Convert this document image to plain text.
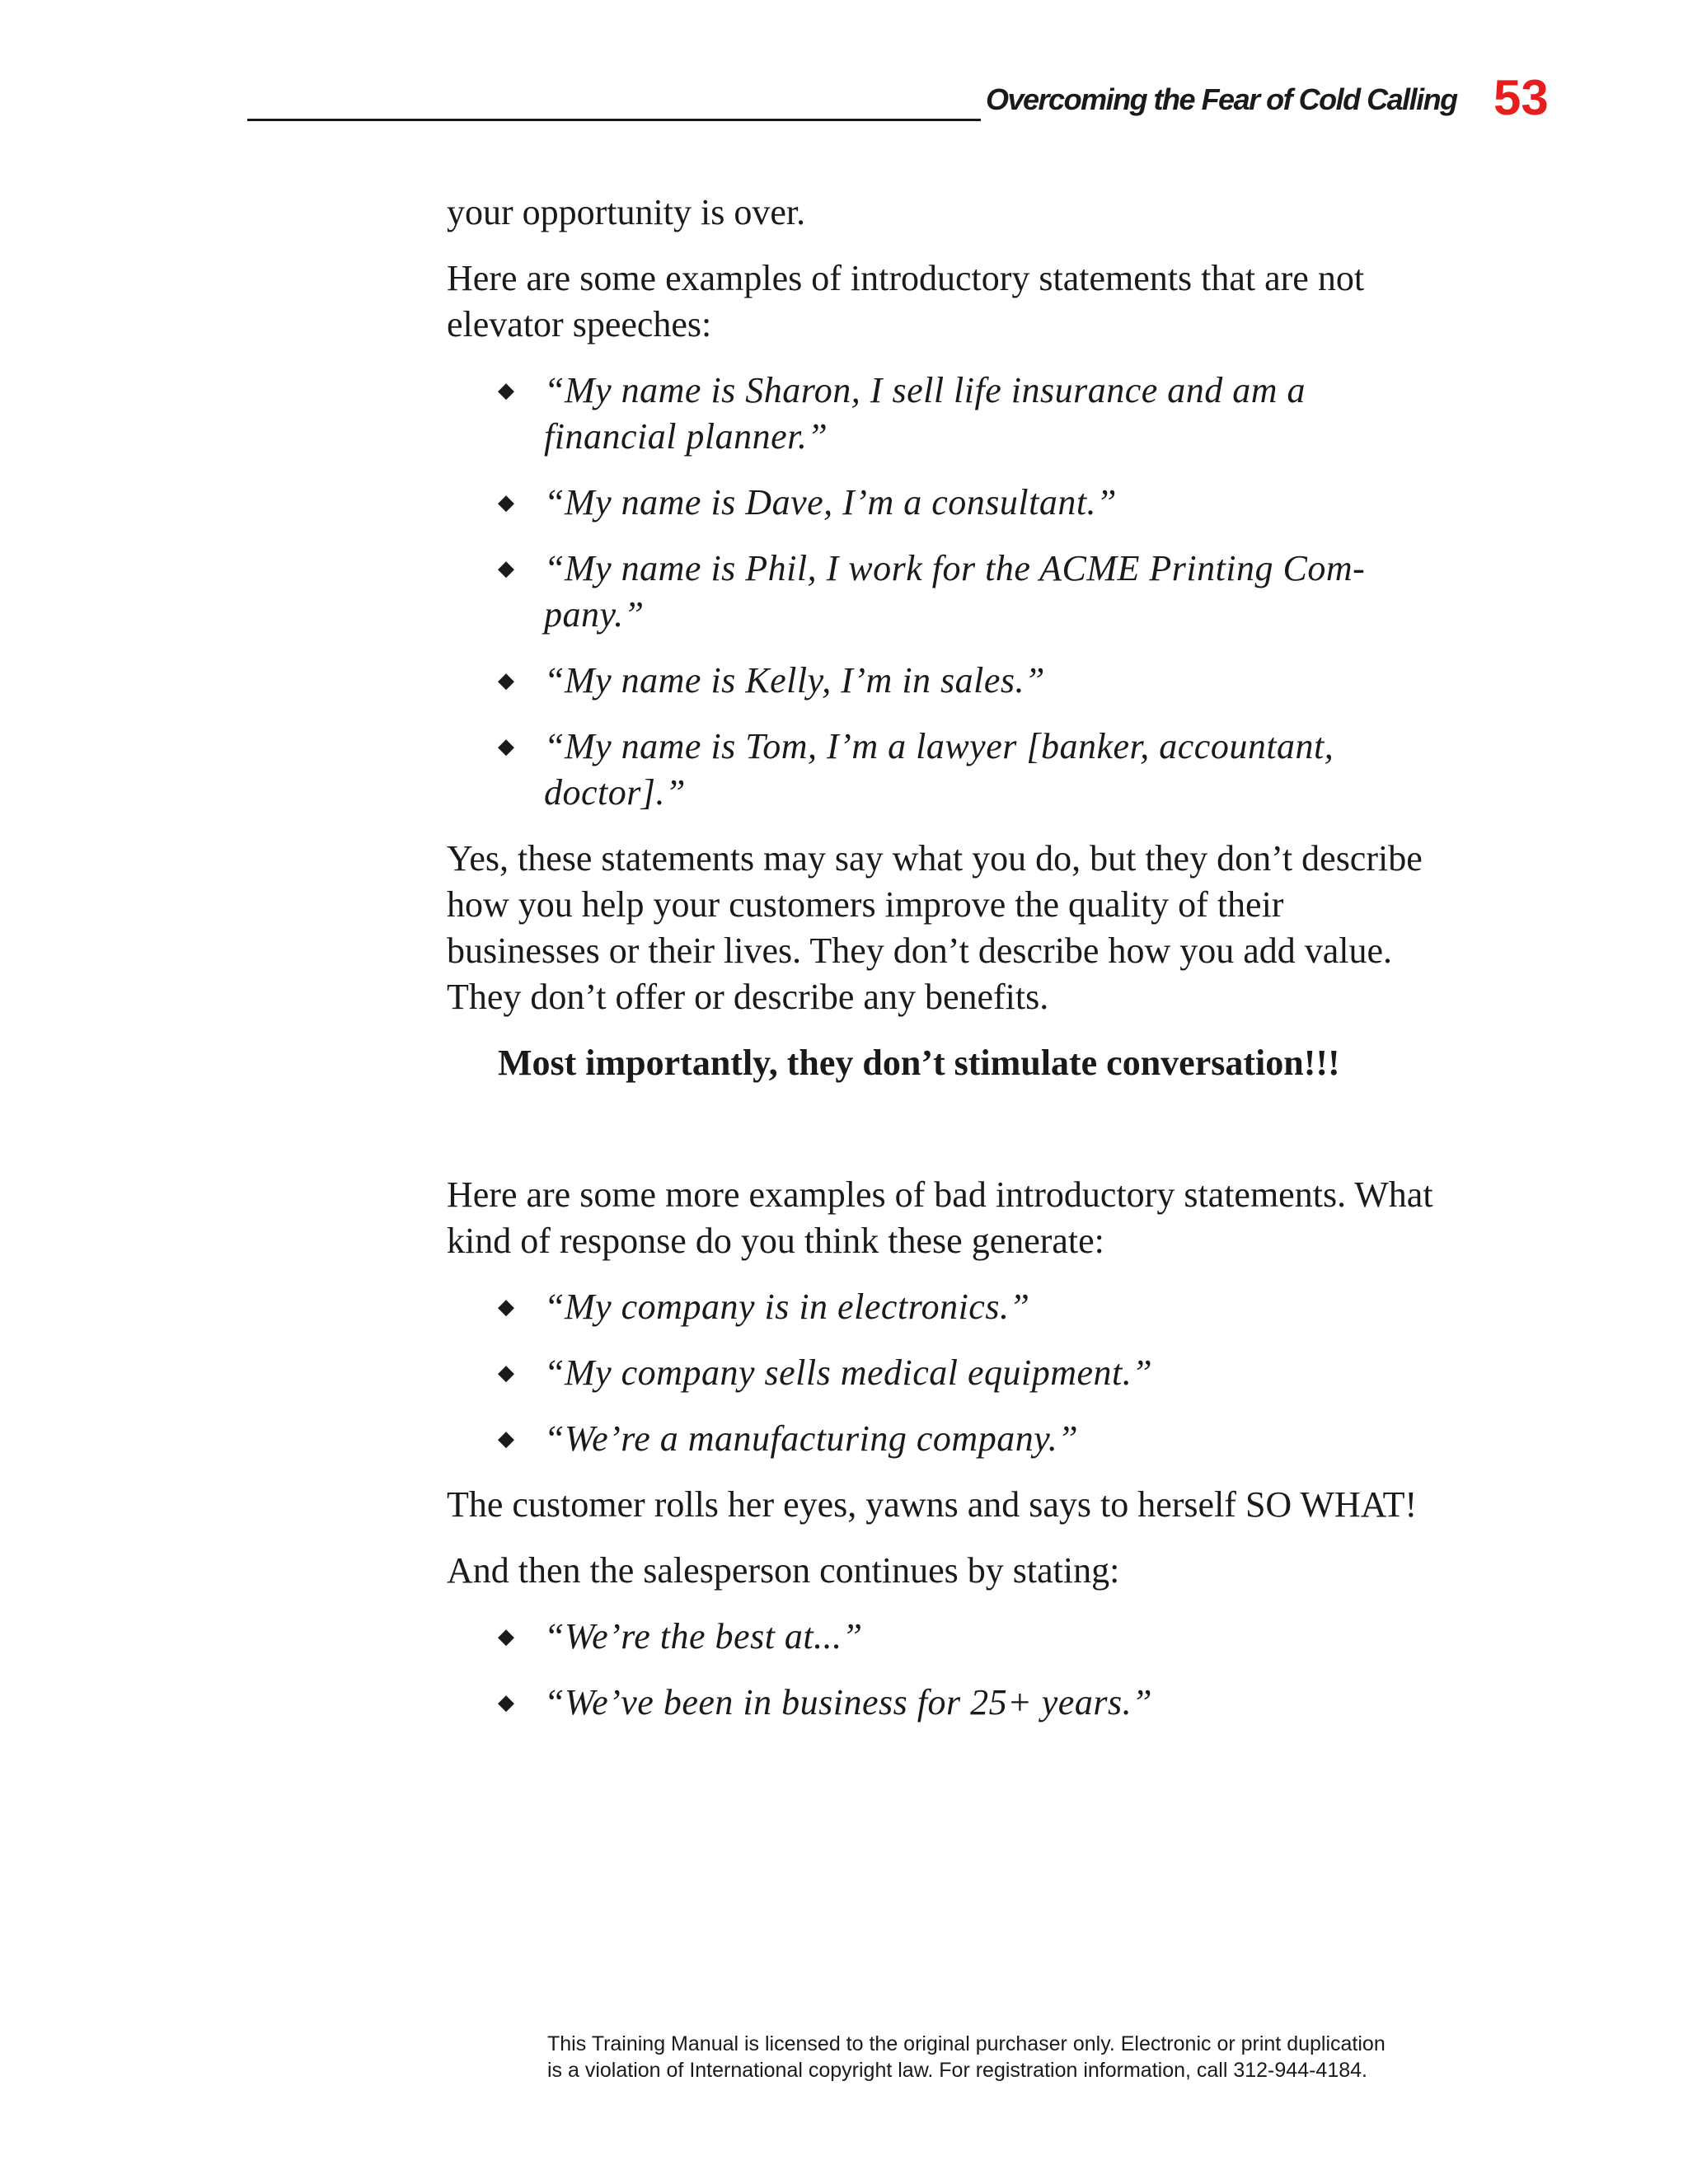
Overcoming the Fear of Cold Calling 53

your opportunity is over.

Here are some examples of introductory statements that are not elevator speeches:

◆ “My name is Sharon, I sell life insurance and am a financial planner.”
◆ “My name is Dave, I’m a consultant.”
◆ “My name is Phil, I work for the ACME Printing Com- pany.”
◆ “My name is Kelly, I’m in sales.”
◆ “My name is Tom, I’m a lawyer [banker, accountant, doctor].”

Yes, these statements may say what you do, but they don’t describe how you help your customers improve the quality of their businesses or their lives. They don’t describe how you add value. They don’t offer or describe any benefits.

Most importantly, they don’t stimulate conversation!!!

Here are some more examples of bad introductory statements. What kind of response do you think these generate:

◆ “My company is in electronics.”
◆ “My company sells medical equipment.”
◆ “We’re a manufacturing company.”

The customer rolls her eyes, yawns and says to herself SO WHAT!

And then the salesperson continues by stating:

◆ “We’re the best at...”
◆ “We’ve been in business for 25+ years.”
This Training Manual is licensed to the original purchaser only. Electronic or print duplication
is a violation of International copyright law. For registration information, call 312-944-4184.
